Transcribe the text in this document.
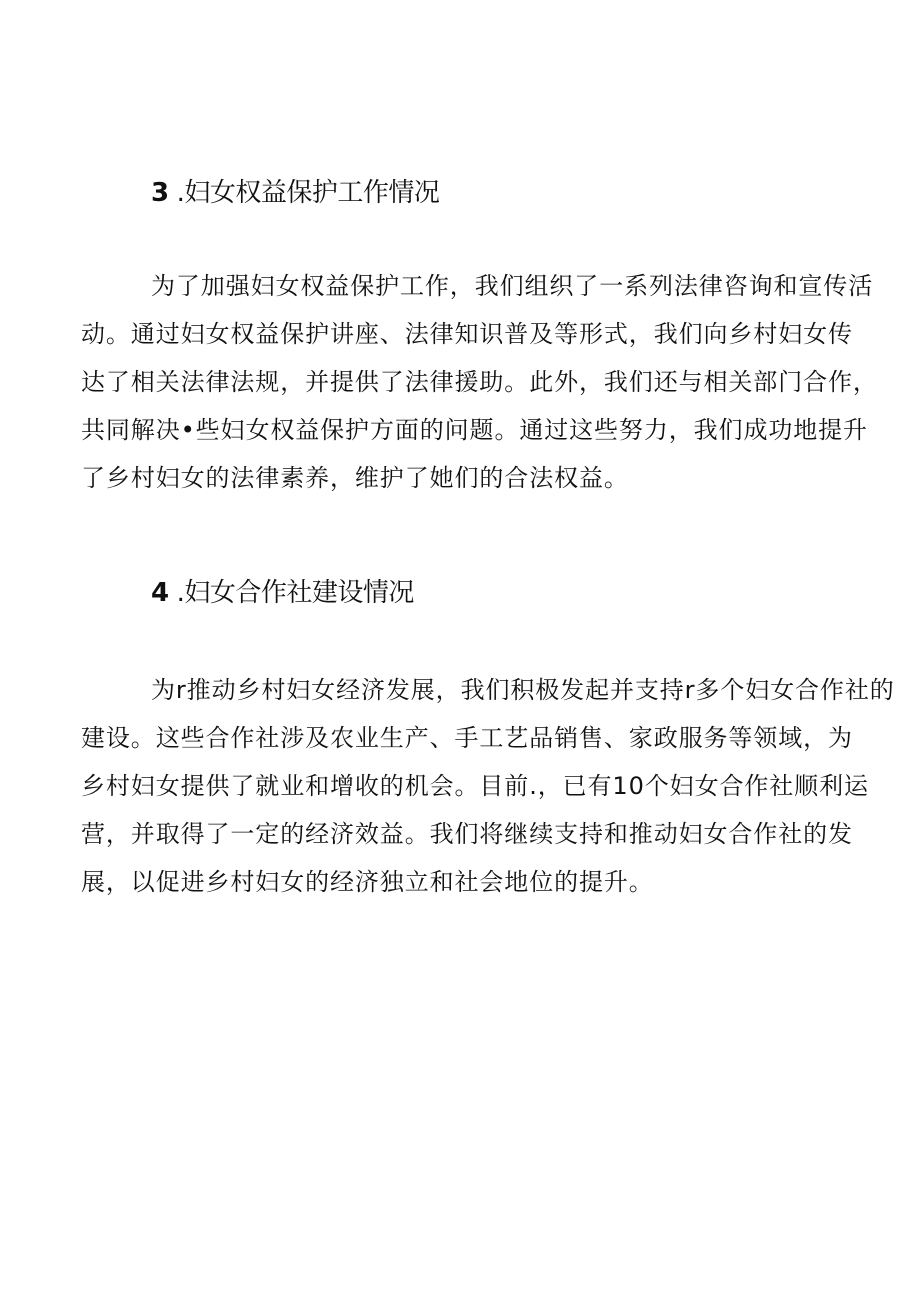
3 .妇女权益保护工作情况
为了加强妇女权益保护工作，我们组织了一系列法律咨询和宣传活
动。通过妇女权益保护讲座、法律知识普及等形式，我们向乡村妇女传
达了相关法律法规，并提供了法律援助。此外，我们还与相关部门合作，
共同解决•些妇女权益保护方面的问题。通过这些努力，我们成功地提升
了乡村妇女的法律素养，维护了她们的合法权益。
4 .妇女合作社建设情况
为r推动乡村妇女经济发展，我们积极发起并支持r多个妇女合作社的
建设。这些合作社涉及农业生产、手工艺品销售、家政服务等领域，为
乡村妇女提供了就业和增收的机会。目前.，已有10个妇女合作社顺利运
营，并取得了一定的经济效益。我们将继续支持和推动妇女合作社的发
展，以促进乡村妇女的经济独立和社会地位的提升。
